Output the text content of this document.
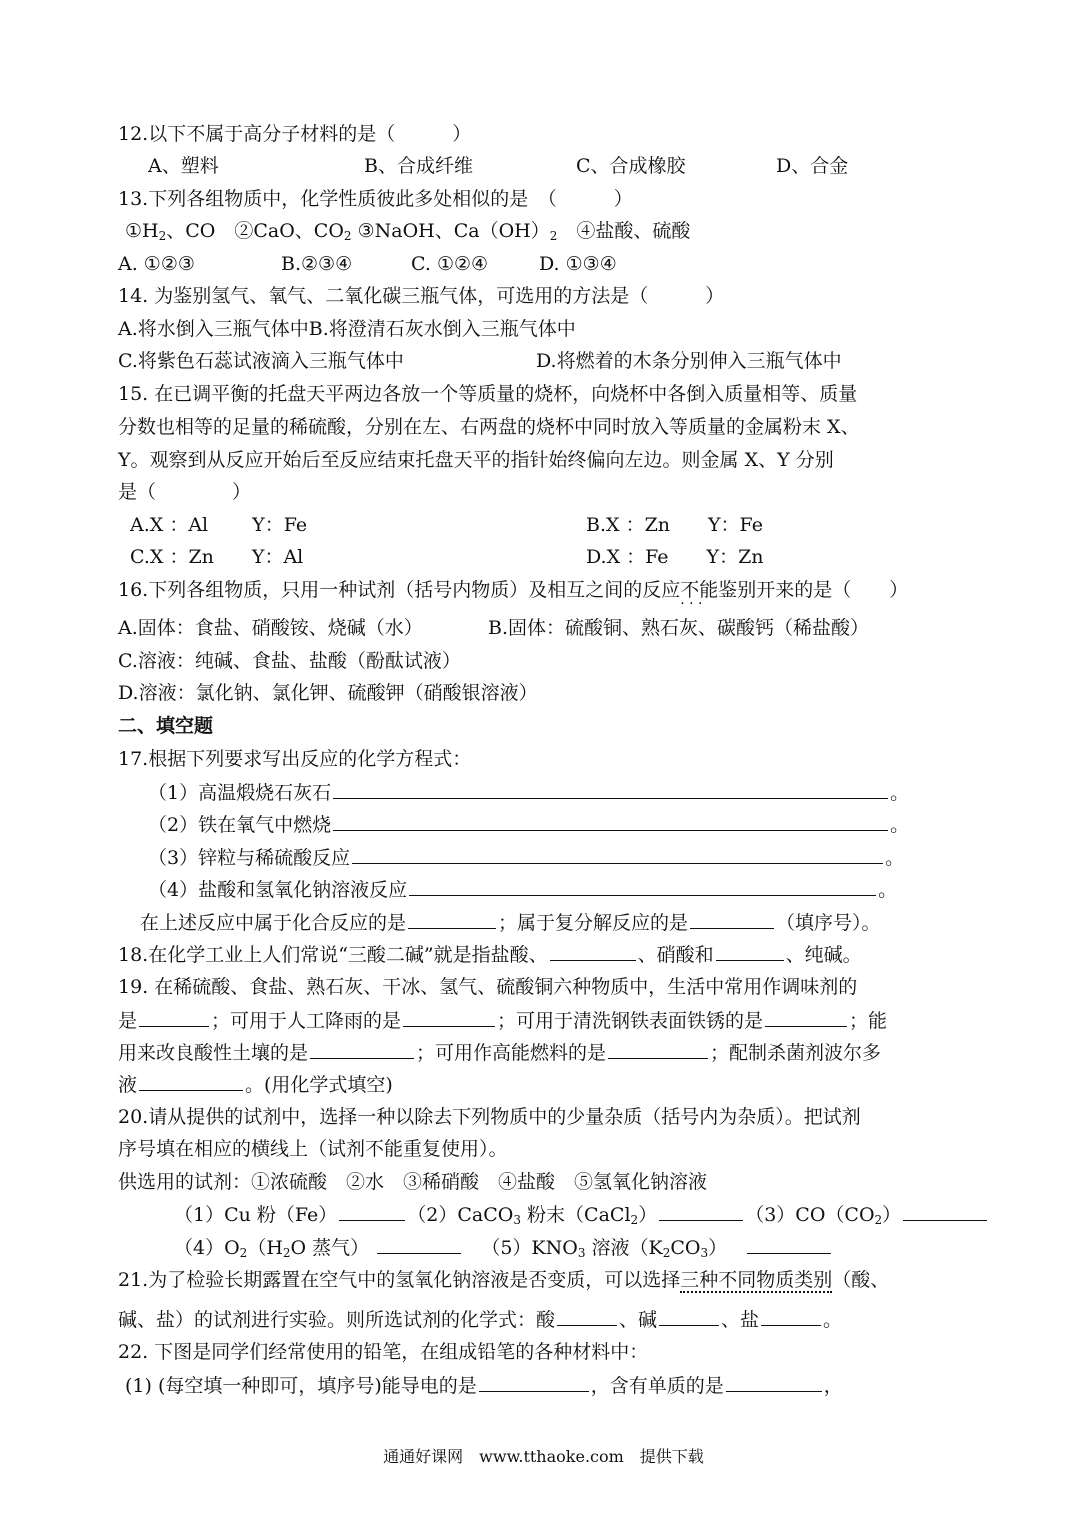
12.以下不属于高分子材料的是（　　　）
A、塑料	B、合成纤维	C、合成橡胶	D、合金
13.下列各组物质中，化学性质彼此多处相似的是　（　　　）
$①H_2$、CO　②CaO、$CO_2$ ③NaOH、$Ca(OH)_2$　④盐酸、硫酸
A. ①②③	B.②③④	C. ①②④	D. ①③④
14. 为鉴别氢气、氧气、二氧化碳三瓶气体，可选用的方法是（　　　）
A.将水倒入三瓶气体中B.将澄清石灰水倒入三瓶气体中
C.将紫色石蕊试液滴入三瓶气体中	D.将燃着的木条分别伸入三瓶气体中
15. 在已调平衡的托盘天平两边各放一个等质量的烧杯，向烧杯中各倒入质量相等、质量
分数也相等的足量的稀硫酸，分别在左、右两盘的烧杯中同时放入等质量的金属粉末 X、
Y。观察到从反应开始后至反应结束托盘天平的指针始终偏向左边。则金属 X、Y 分别
是（　　　　）
A.X ：Al　　 Y：Fe	B.X ：Zn　　Y：Fe
C.X ：Zn　　Y：Al	D.X ：Fe　　Y：Zn
16.下列各组物质，只用一种试剂（括号内物质）及相互之间的反应不能 · · ·鉴别开来的是（　　）
A.固体：食盐、硝酸铵、烧碱（水）	B.固体：硫酸铜、熟石灰、碳酸钙（稀盐酸）
C.溶液：纯碱、食盐、盐酸（酚酞试液）
D.溶液：氯化钠、氯化钾、硫酸钾（硝酸银溶液）
二、填空题
17.根据下列要求写出反应的化学方程式：
（1）高温煅烧石灰石	。
（2）铁在氧气中燃烧	。
（3）锌粒与稀硫酸反应	。
（4）盐酸和氢氧化钠溶液反应	。
在上述反应中属于化合反应的是	；属于复分解反应的是	（填序号）。
18.在化学工业上人们常说“三酸二碱”就是指盐酸、	、硝酸和	、纯碱。
19. 在稀硫酸、食盐、熟石灰、干冰、氢气、硫酸铜六种物质中，生活中常用作调味剂的
是	；可用于人工降雨的是	；可用于清洗钢铁表面铁锈的是	；能
用来改良酸性土壤的是	；可用作高能燃料的是	；配制杀菌剂波尔多
液	。(用化学式填空)
20.请从提供的试剂中，选择一种以除去下列物质中的少量杂质（括号内为杂质）。把试剂
序号填在相应的横线上（试剂不能重复使用）。
供选用的试剂：①浓硫酸　②水　③稀硝酸　④盐酸　⑤氢氧化钠溶液
（1）Cu 粉（Fe）	（2）CaCO$_3$ 粉末（CaCl$_2$）	$(3)CO(CO_2)$
$(4)O_2(H_2O$ 蒸气）	$(5)KNO_3$ 溶液$(K_2CO_3)$
21.为了检验长期露置在空气中的氢氧化钠溶液是否变质，可以选择三种不同物质类别（酸、
碱、盐）的试剂进行实验。则所选试剂的化学式：酸	、碱	、盐	。
22. 下图是同学们经常使用的铅笔，在组成铅笔的各种材料中：
(1) (每空填一种即可，填序号)能导电的是	，含有单质的是	，
通通好课网　www.tthaoke.com　提供下载
